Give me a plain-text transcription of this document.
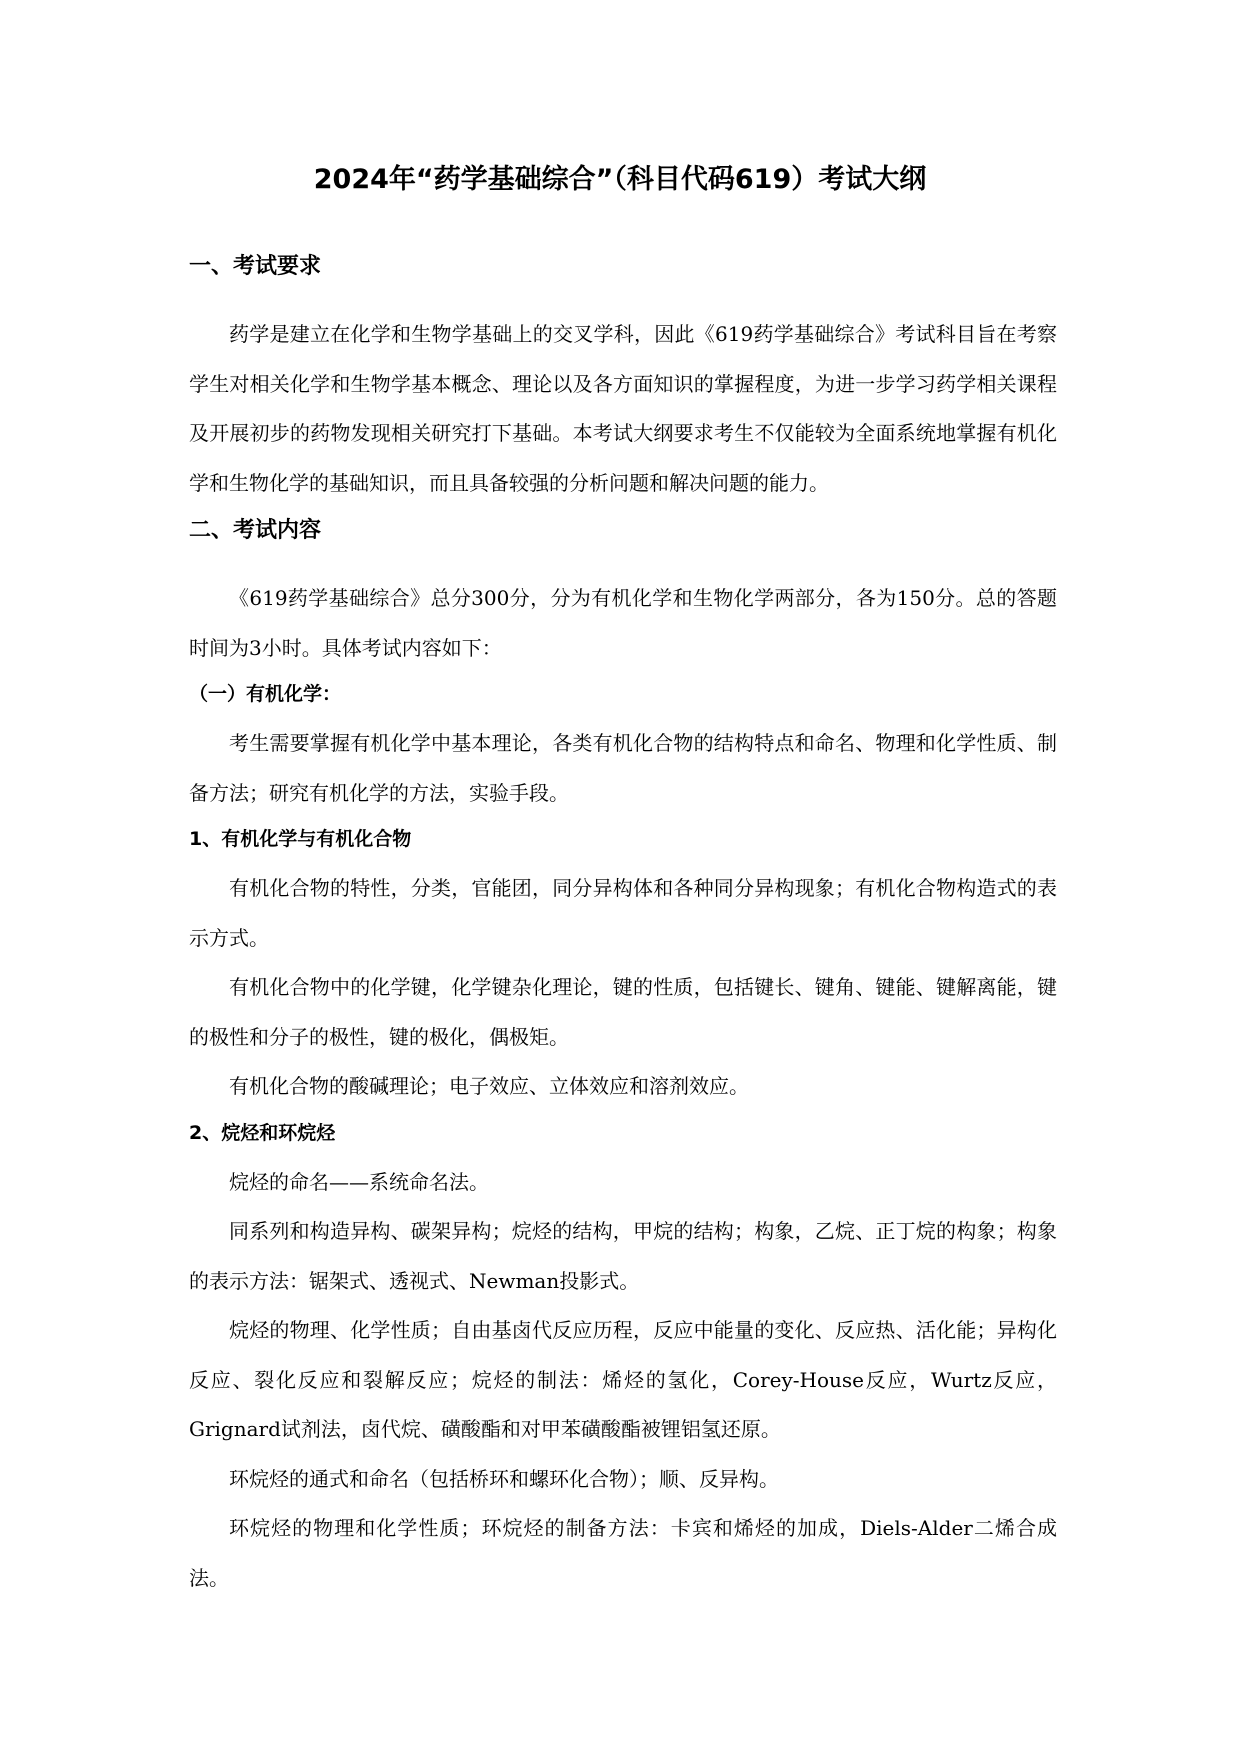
2024年“药学基础综合”（科目代码619）考试大纲
一、考试要求

药学是建立在化学和生物学基础上的交叉学科，因此《619药学基础综合》考试科目旨在考察学生对相关化学和生物学基本概念、理论以及各方面知识的掌握程度，为进一步学习药学相关课程及开展初步的药物发现相关研究打下基础。本考试大纲要求考生不仅能较为全面系统地掌握有机化学和生物化学的基础知识，而且具备较强的分析问题和解决问题的能力。

二、考试内容

《619药学基础综合》总分300分，分为有机化学和生物化学两部分，各为150分。总的答题时间为3小时。具体考试内容如下：

（一）有机化学：

考生需要掌握有机化学中基本理论，各类有机化合物的结构特点和命名、物理和化学性质、制备方法；研究有机化学的方法，实验手段。

1、有机化学与有机化合物

有机化合物的特性，分类，官能团，同分异构体和各种同分异构现象；有机化合物构造式的表示方式。

有机化合物中的化学键，化学键杂化理论，键的性质，包括键长、键角、键能、键解离能，键的极性和分子的极性，键的极化，偶极矩。

有机化合物的酸碱理论；电子效应、立体效应和溶剂效应。

2、烷烃和环烷烃

烷烃的命名——系统命名法。

同系列和构造异构、碳架异构；烷烃的结构，甲烷的结构；构象，乙烷、正丁烷的构象；构象的表示方法：锯架式、透视式、Newman投影式。

烷烃的物理、化学性质；自由基卤代反应历程，反应中能量的变化、反应热、活化能；异构化反应、裂化反应和裂解反应；烷烃的制法：烯烃的氢化，Corey-House反应，Wurtz反应，Grignard试剂法，卤代烷、磺酸酯和对甲苯磺酸酯被锂铝氢还原。

环烷烃的通式和命名（包括桥环和螺环化合物）；顺、反异构。

环烷烃的物理和化学性质；环烷烃的制备方法：卡宾和烯烃的加成，Diels-Alder二烯合成法。
